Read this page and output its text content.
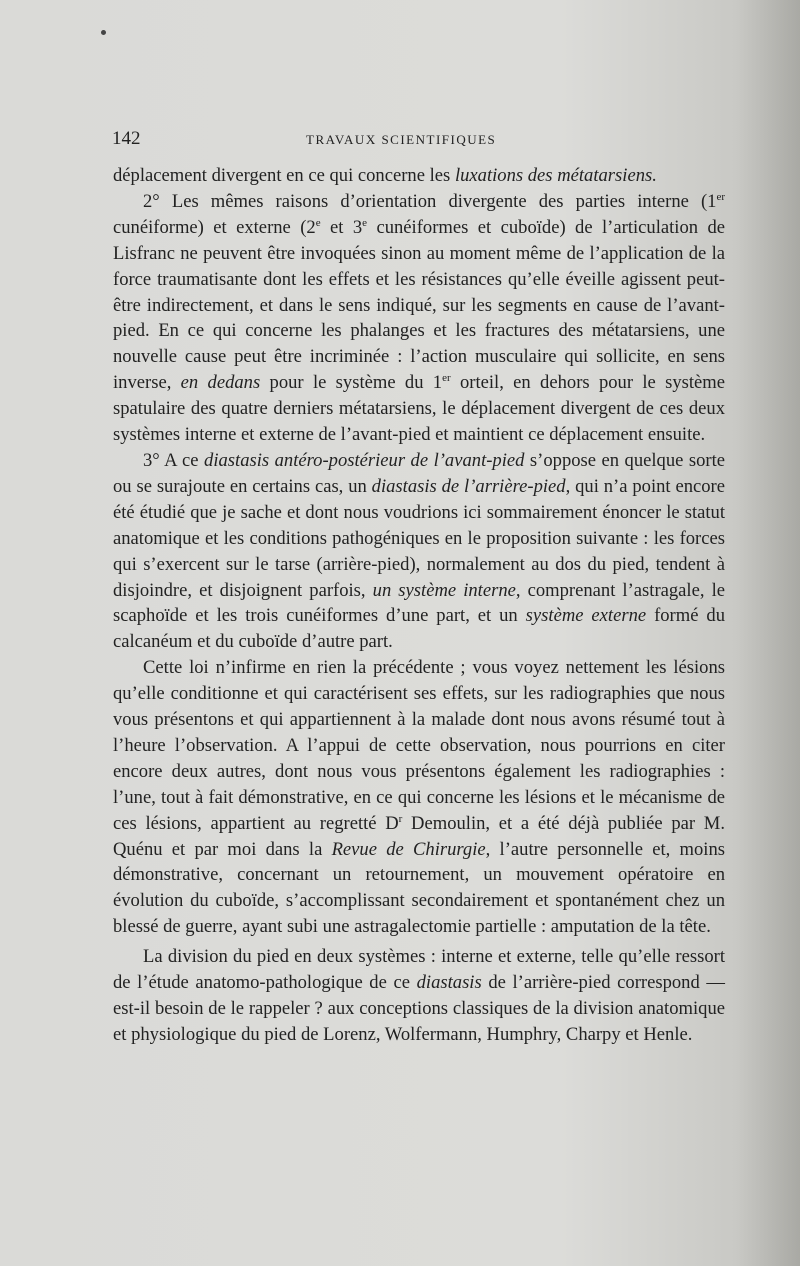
142	TRAVAUX SCIENTIFIQUES

déplacement divergent en ce qui concerne les luxations des métatarsiens.

2° Les mêmes raisons d’orientation divergente des parties interne (1er cunéiforme) et externe (2e et 3e cunéiformes et cuboïde) de l’articulation de Lisfranc ne peuvent être invoquées sinon au moment même de l’application de la force traumatisante dont les effets et les résistances qu’elle éveille agissent peut-être indirectement, et dans le sens indiqué, sur les segments en cause de l’avant-pied. En ce qui concerne les phalanges et les fractures des métatarsiens, une nouvelle cause peut être incriminée : l’action musculaire qui sollicite, en sens inverse, en dedans pour le système du 1er orteil, en dehors pour le système spatulaire des quatre derniers métatarsiens, le déplacement divergent de ces deux systèmes interne et externe de l’avant-pied et maintient ce déplacement ensuite.

3° A ce diastasis antéro-postérieur de l’avant-pied s’oppose en quelque sorte ou se surajoute en certains cas, un diastasis de l’arrière-pied, qui n’a point encore été étudié que je sache et dont nous voudrions ici sommairement énoncer le statut anatomique et les conditions pathogéniques en le proposition suivante : les forces qui s’exercent sur le tarse (arrière-pied), normalement au dos du pied, tendent à disjoindre, et disjoignent parfois, un système interne, comprenant l’astragale, le scaphoïde et les trois cunéiformes d’une part, et un système externe formé du calcanéum et du cuboïde d’autre part.

Cette loi n’infirme en rien la précédente ; vous voyez nettement les lésions qu’elle conditionne et qui caractérisent ses effets, sur les radiographies que nous vous présentons et qui appartiennent à la malade dont nous avons résumé tout à l’heure l’observation. A l’appui de cette observation, nous pourrions en citer encore deux autres, dont nous vous présentons également les radiographies : l’une, tout à fait démonstrative, en ce qui concerne les lésions et le mécanisme de ces lésions, appartient au regretté $D^r$ Demoulin, et a été déjà publiée par M. Quénu et par moi dans la Revue de Chirurgie, l’autre personnelle et, moins démonstrative, concernant un retournement, un mouvement opératoire en évolution du cuboïde, s’accomplissant secondairement et spontanément chez un blessé de guerre, ayant subi une astragalectomie partielle : amputation de la tête.

La division du pied en deux systèmes : interne et externe, telle qu’elle ressort de l’étude anatomo-pathologique de ce diastasis de l’arrière-pied correspond — est-il besoin de le rappeler ? aux conceptions classiques de la division anatomique et physiologique du pied de Lorenz, Wolfermann, Humphry, Charpy et Henle.
